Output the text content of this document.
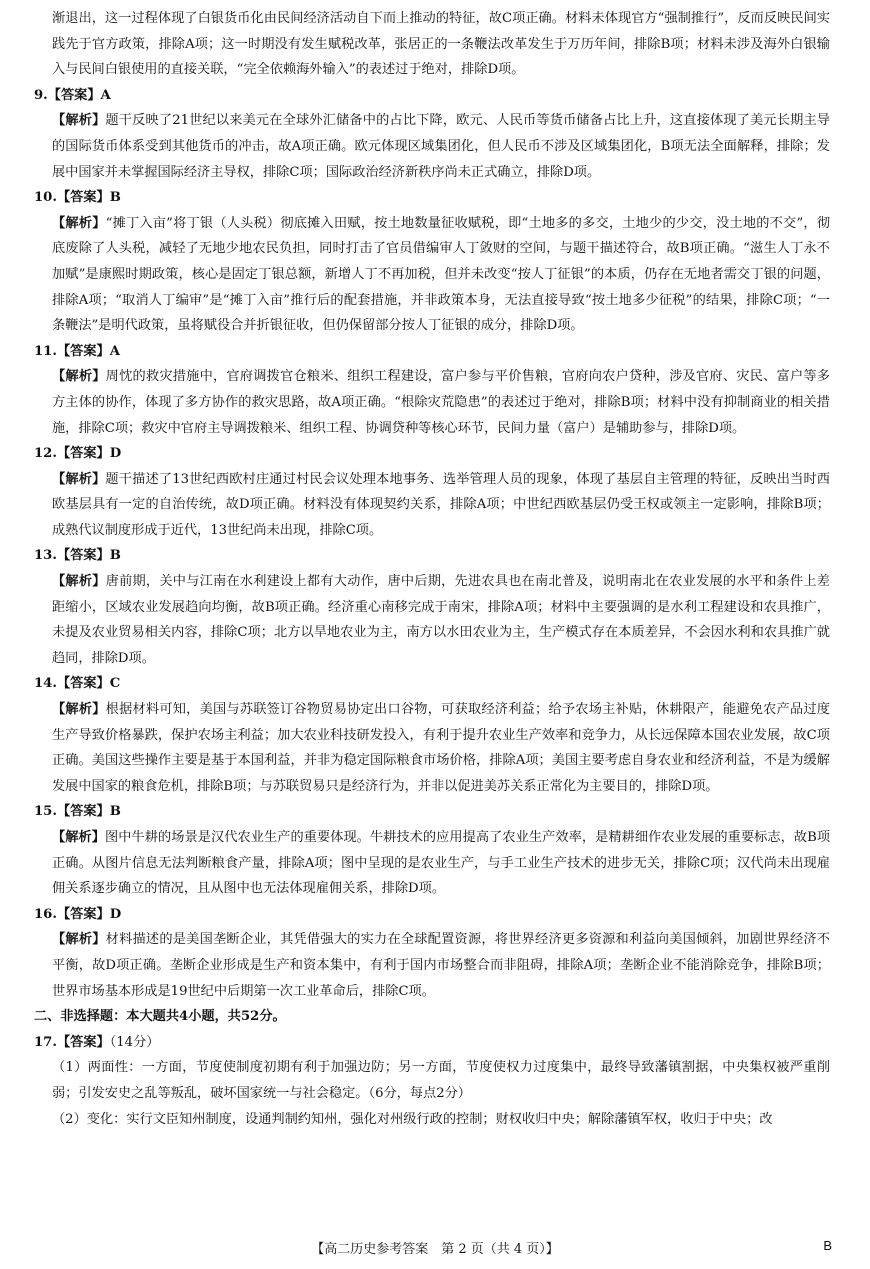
渐退出，这一过程体现了白银货币化由民间经济活动自下而上推动的特征，故C项正确。材料未体现官方“强制推行”，反而反映民间实践先于官方政策，排除A项；这一时期没有发生赋税改革，张居正的一条鞭法改革发生于万历年间，排除B项；材料未涉及海外白银输入与民间白银使用的直接关联，“完全依赖海外输入”的表述过于绝对，排除D项。

9.【答案】A

【解析】题干反映了21世纪以来美元在全球外汇储备中的占比下降，欧元、人民币等货币储备占比上升，这直接体现了美元长期主导的国际货币体系受到其他货币的冲击，故A项正确。欧元体现区域集团化，但人民币不涉及区域集团化，B项无法全面解释，排除；发展中国家并未掌握国际经济主导权，排除C项；国际政治经济新秩序尚未正式确立，排除D项。

10.【答案】B

【解析】“摊丁入亩”将丁银（人头税）彻底摊入田赋，按土地数量征收赋税，即“土地多的多交，土地少的少交，没土地的不交”，彻底废除了人头税，减轻了无地少地农民负担，同时打击了官员借编审人丁敛财的空间，与题干描述符合，故B项正确。“滋生人丁永不加赋”是康熙时期政策，核心是固定丁银总额，新增人丁不再加税，但并未改变“按人丁征银”的本质，仍存在无地者需交丁银的问题，排除A项；“取消人丁编审”是“摊丁入亩”推行后的配套措施，并非政策本身，无法直接导致“按土地多少征税”的结果，排除C项；“一条鞭法”是明代政策，虽将赋役合并折银征收，但仍保留部分按人丁征银的成分，排除D项。

11.【答案】A

【解析】周忱的救灾措施中，官府调拨官仓粮米、组织工程建设，富户参与平价售粮，官府向农户贷种，涉及官府、灾民、富户等多方主体的协作，体现了多方协作的救灾思路，故A项正确。“根除灾荒隐患”的表述过于绝对，排除B项；材料中没有抑制商业的相关措施，排除C项；救灾中官府主导调拨粮米、组织工程、协调贷种等核心环节，民间力量（富户）是辅助参与，排除D项。

12.【答案】D

【解析】题干描述了13世纪西欧村庄通过村民会议处理本地事务、选举管理人员的现象，体现了基层自主管理的特征，反映出当时西欧基层具有一定的自治传统，故D项正确。材料没有体现契约关系，排除A项；中世纪西欧基层仍受王权或领主一定影响，排除B项；成熟代议制度形成于近代，13世纪尚未出现，排除C项。

13.【答案】B

【解析】唐前期，关中与江南在水利建设上都有大动作，唐中后期，先进农具也在南北普及，说明南北在农业发展的水平和条件上差距缩小，区域农业发展趋向均衡，故B项正确。经济重心南移完成于南宋，排除A项；材料中主要强调的是水利工程建设和农具推广，未提及农业贸易相关内容，排除C项；北方以旱地农业为主，南方以水田农业为主，生产模式存在本质差异，不会因水利和农具推广就趋同，排除D项。

14.【答案】C

【解析】根据材料可知，美国与苏联签订谷物贸易协定出口谷物，可获取经济利益；给予农场主补贴，休耕限产，能避免农产品过度生产导致价格暴跌，保护农场主利益；加大农业科技研发投入，有利于提升农业生产效率和竞争力，从长远保障本国农业发展，故C项正确。美国这些操作主要是基于本国利益，并非为稳定国际粮食市场价格，排除A项；美国主要考虑自身农业和经济利益，不是为缓解发展中国家的粮食危机，排除B项；与苏联贸易只是经济行为，并非以促进美苏关系正常化为主要目的，排除D项。

15.【答案】B

【解析】图中牛耕的场景是汉代农业生产的重要体现。牛耕技术的应用提高了农业生产效率，是精耕细作农业发展的重要标志，故B项正确。从图片信息无法判断粮食产量，排除A项；图中呈现的是农业生产，与手工业生产技术的进步无关，排除C项；汉代尚未出现雇佣关系逐步确立的情况，且从图中也无法体现雇佣关系，排除D项。

16.【答案】D

【解析】材料描述的是美国垄断企业，其凭借强大的实力在全球配置资源，将世界经济更多资源和利益向美国倾斜，加剧世界经济不平衡，故D项正确。垄断企业形成是生产和资本集中，有利于国内市场整合而非阻碍，排除A项；垄断企业不能消除竞争，排除B项；世界市场基本形成是19世纪中后期第一次工业革命后，排除C项。

二、非选择题：本大题共4小题，共52分。

17.【答案】（14分）

（1）两面性：一方面，节度使制度初期有利于加强边防；另一方面，节度使权力过度集中，最终导致藩镇割据，中央集权被严重削弱；引发安史之乱等叛乱，破坏国家统一与社会稳定。（6分，每点2分）

（2）变化：实行文臣知州制度，设通判制约知州，强化对州级行政的控制；财权收归中央；解除藩镇军权，收归于中央；改

【高二历史参考答案　第 2 页（共 4 页）】	B
